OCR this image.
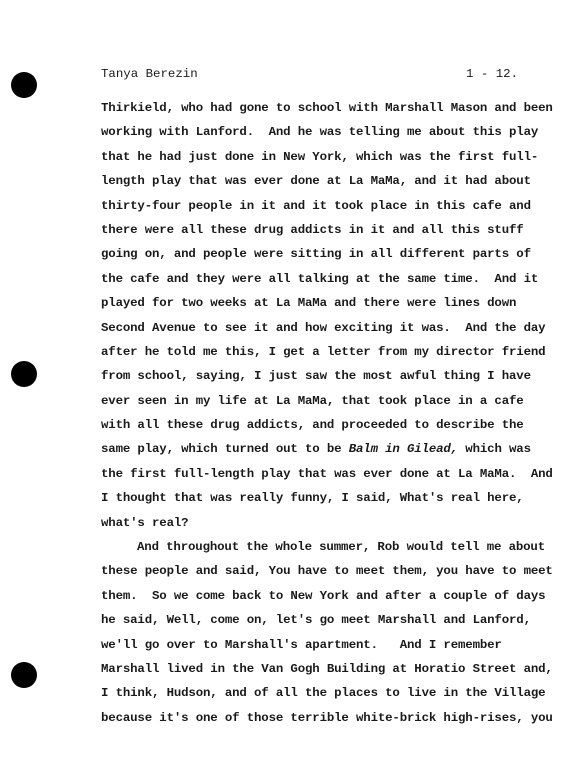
Tanya Berezin	1 - 12.
Thirkield, who had gone to school with Marshall Mason and been
working with Lanford.  And he was telling me about this play
that he had just done in New York, which was the first full-
length play that was ever done at La MaMa, and it had about
thirty-four people in it and it took place in this cafe and
there were all these drug addicts in it and all this stuff
going on, and people were sitting in all different parts of
the cafe and they were all talking at the same time.  And it
played for two weeks at La MaMa and there were lines down
Second Avenue to see it and how exciting it was.  And the day
after he told me this, I get a letter from my director friend
from school, saying, I just saw the most awful thing I have
ever seen in my life at La MaMa, that took place in a cafe
with all these drug addicts, and proceeded to describe the
same play, which turned out to be Balm in Gilead, which was
the first full-length play that was ever done at La MaMa.  And
I thought that was really funny, I said, What's real here,
what's real?
And throughout the whole summer, Rob would tell me about
these people and said, You have to meet them, you have to meet
them.  So we come back to New York and after a couple of days
he said, Well, come on, let's go meet Marshall and Lanford,
we'll go over to Marshall's apartment.   And I remember
Marshall lived in the Van Gogh Building at Horatio Street and,
I think, Hudson, and of all the places to live in the Village
because it's one of those terrible white-brick high-rises, you
